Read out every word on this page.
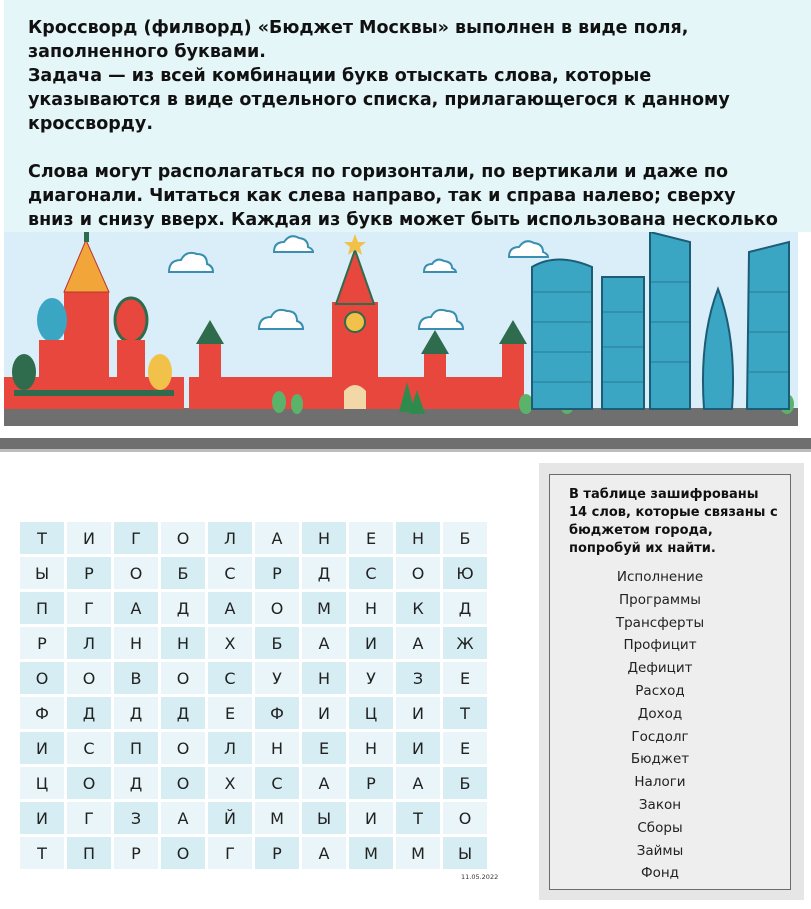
Кроссворд (филворд) «Бюджет Москвы» выполнен в виде поля, заполненного буквами.

Задача — из всей комбинации букв отыскать слова, которые указываются в виде отдельного списка, прилагающегося к данному кроссворду.

Слова могут располагаться по горизонтали, по вертикали и даже по диагонали. Читаться как слева направо, так и справа налево; сверху вниз и снизу вверх. Каждая из букв может быть использована несколько

Т	И	Г	О	Л	А	Н	Е	Н	Б
Ы	Р	О	Б	С	Р	Д	С	О	Ю
П	Г	А	Д	А	О	М	Н	К	Д
Р	Л	Н	Н	Х	Б	А	И	А	Ж
О	О	В	О	С	У	Н	У	З	Е
Ф	Д	Д	Д	Е	Ф	И	Ц	И	Т
И	С	П	О	Л	Н	Е	Н	И	Е
Ц	О	Д	О	Х	С	А	Р	А	Б
И	Г	З	А	Й	М	Ы	И	Т	О
Т	П	Р	О	Г	Р	А	М	М	Ы
11.05.2022
В таблице зашифрованы
14 слов, которые связаны с
бюджетом города,
попробуй их найти.
Исполнение
Программы
Трансферты
Профицит
Дефицит
Расход
Доход
Госдолг
Бюджет
Налоги
Закон
Сборы
Займы
Фонд
